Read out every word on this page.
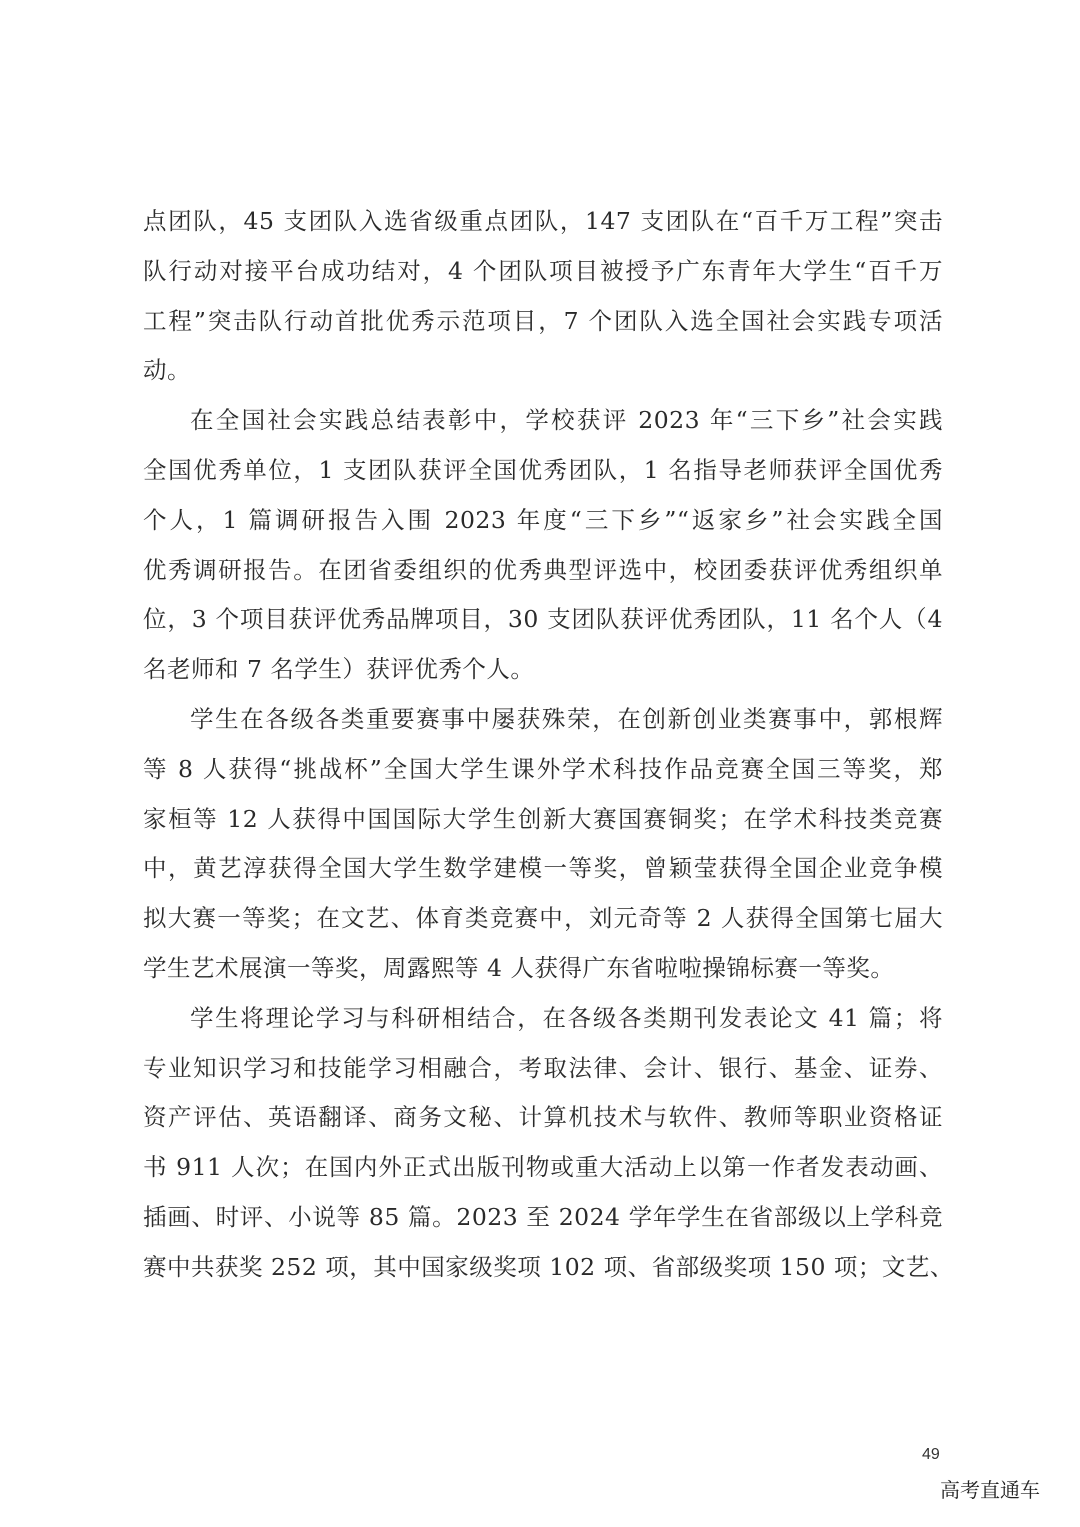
点团队，45 支团队入选省级重点团队，147 支团队在“百千万工程”突击
队行动对接平台成功结对，4 个团队项目被授予广东青年大学生“百千万
工程”突击队行动首批优秀示范项目，7 个团队入选全国社会实践专项活
动。
在全国社会实践总结表彰中，学校获评 2023 年“三下乡”社会实践
全国优秀单位，1 支团队获评全国优秀团队，1 名指导老师获评全国优秀
个人，1 篇调研报告入围 2023 年度“三下乡”“返家乡”社会实践全国
优秀调研报告。在团省委组织的优秀典型评选中，校团委获评优秀组织单
位，3 个项目获评优秀品牌项目，30 支团队获评优秀团队，11 名个人（4
名老师和 7 名学生）获评优秀个人。
学生在各级各类重要赛事中屡获殊荣，在创新创业类赛事中，郭根辉
等 8 人获得“挑战杯”全国大学生课外学术科技作品竞赛全国三等奖，郑
家桓等 12 人获得中国国际大学生创新大赛国赛铜奖；在学术科技类竞赛
中，黄艺淳获得全国大学生数学建模一等奖，曾颖莹获得全国企业竞争模
拟大赛一等奖；在文艺、体育类竞赛中，刘元奇等 2 人获得全国第七届大
学生艺术展演一等奖，周露熙等 4 人获得广东省啦啦操锦标赛一等奖。
学生将理论学习与科研相结合，在各级各类期刊发表论文 41 篇；将
专业知识学习和技能学习相融合，考取法律、会计、银行、基金、证券、
资产评估、英语翻译、商务文秘、计算机技术与软件、教师等职业资格证
书 911 人次；在国内外正式出版刊物或重大活动上以第一作者发表动画、
插画、时评、小说等 85 篇。2023 至 2024 学年学生在省部级以上学科竞
赛中共获奖 252 项，其中国家级奖项 102 项、省部级奖项 150 项；文艺、
49
高考直通车
